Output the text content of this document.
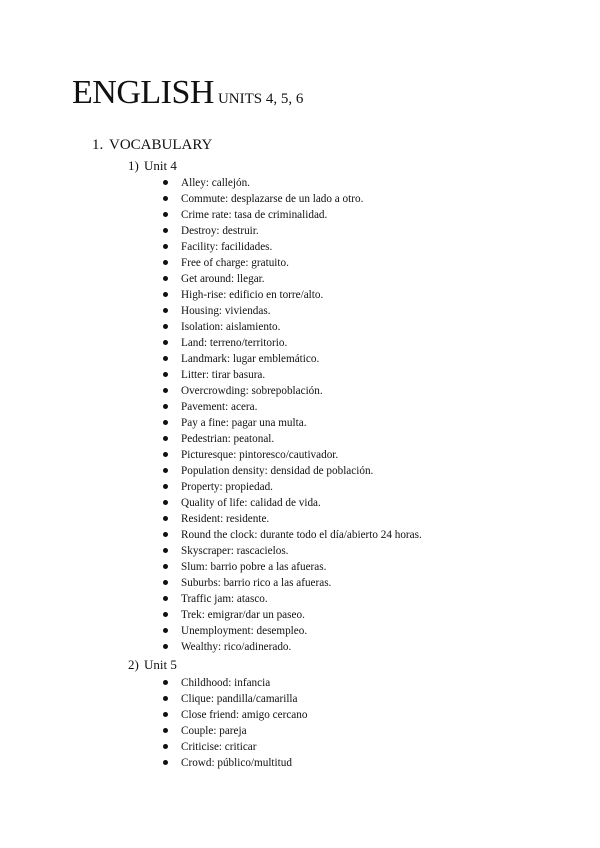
ENGLISH UNITS 4, 5, 6
1. VOCABULARY
1) Unit 4
Alley: callejón.
Commute: desplazarse de un lado a otro.
Crime rate: tasa de criminalidad.
Destroy: destruir.
Facility: facilidades.
Free of charge: gratuito.
Get around: llegar.
High-rise: edificio en torre/alto.
Housing: viviendas.
Isolation: aislamiento.
Land: terreno/territorio.
Landmark: lugar emblemático.
Litter: tirar basura.
Overcrowding: sobrepoblación.
Pavement: acera.
Pay a fine: pagar una multa.
Pedestrian: peatonal.
Picturesque: pintoresco/cautivador.
Population density: densidad de población.
Property: propiedad.
Quality of life: calidad de vida.
Resident: residente.
Round the clock: durante todo el día/abierto 24 horas.
Skyscraper: rascacielos.
Slum: barrio pobre a las afueras.
Suburbs: barrio rico a las afueras.
Traffic jam: atasco.
Trek: emigrar/dar un paseo.
Unemployment: desempleo.
Wealthy: rico/adinerado.
2) Unit 5
Childhood: infancia
Clique: pandilla/camarilla
Close friend: amigo cercano
Couple: pareja
Criticise: criticar
Crowd: público/multitud
